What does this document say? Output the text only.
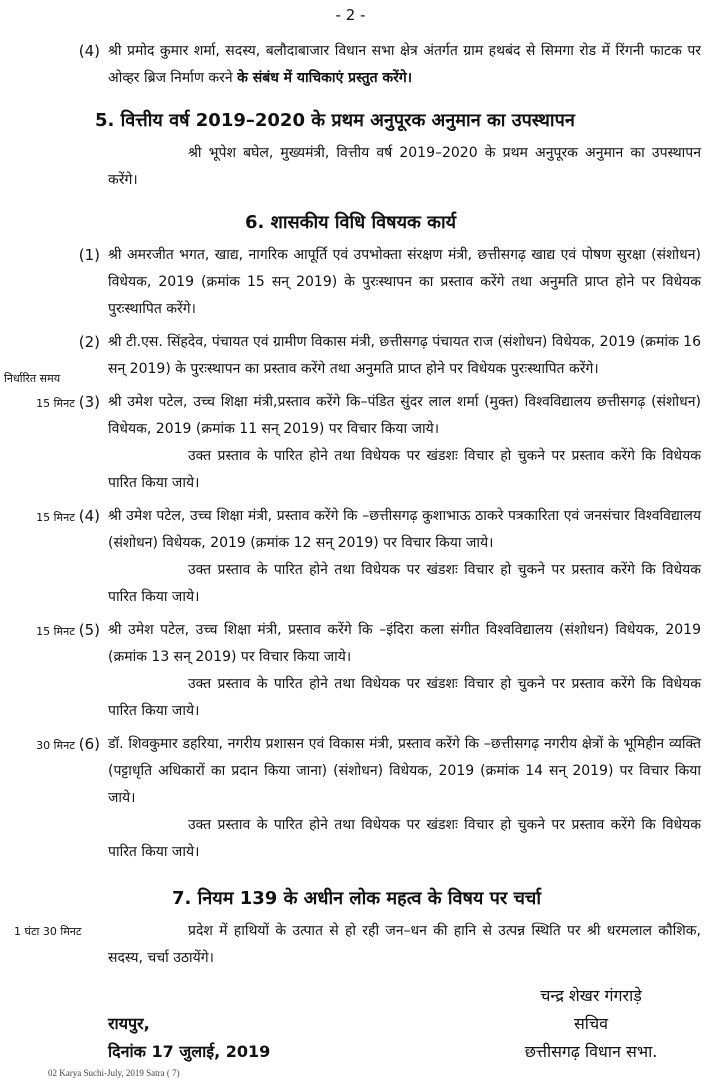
- 2 -
(4) श्री प्रमोद कुमार शर्मा, सदस्य, बलौदाबाजार विधान सभा क्षेत्र अंतर्गत ग्राम हथबंद से सिमगा रोड में रिंगनी फाटक पर ओव्हर ब्रिज निर्माण करने के संबंध में याचिकाएं प्रस्तुत करेंगे।
5. वित्तीय वर्ष 2019–2020 के प्रथम अनुपूरक अनुमान का उपस्थापन
श्री भूपेश बघेल, मुख्यमंत्री, वित्तीय वर्ष 2019–2020 के प्रथम अनुपूरक अनुमान का उपस्थापन करेंगे।
6. शासकीय विधि विषयक कार्य
(1) श्री अमरजीत भगत, खाद्य, नागरिक आपूर्ति एवं उपभोक्ता संरक्षण मंत्री, छत्तीसगढ़ खाद्य एवं पोषण सुरक्षा (संशोधन) विधेयक, 2019 (क्रमांक 15 सन् 2019) के पुरःस्थापन का प्रस्ताव करेंगे तथा अनुमति प्राप्त होने पर विधेयक पुरःस्थापित करेंगे।
(2) श्री टी.एस. सिंहदेव, पंचायत एवं ग्रामीण विकास मंत्री, छत्तीसगढ़ पंचायत राज (संशोधन) विधेयक, 2019 (क्रमांक 16 सन् 2019) के पुरःस्थापन का प्रस्ताव करेंगे तथा अनुमति प्राप्त होने पर विधेयक पुरःस्थापित करेंगे।
निर्धारित समय
15 मिनट (3) श्री उमेश पटेल, उच्च शिक्षा मंत्री,प्रस्ताव करेंगे कि–पंडित सुंदर लाल शर्मा (मुक्त) विश्वविद्यालय छत्तीसगढ़ (संशोधन) विधेयक, 2019 (क्रमांक 11 सन् 2019) पर विचार किया जाये।
उक्त प्रस्ताव के पारित होने तथा विधेयक पर खंडशः विचार हो चुकने पर प्रस्ताव करेंगे कि विधेयक पारित किया जाये।
15 मिनट (4) श्री उमेश पटेल, उच्च शिक्षा मंत्री, प्रस्ताव करेंगे कि –छत्तीसगढ़ कुशाभाऊ ठाकरे पत्रकारिता एवं जनसंचार विश्वविद्यालय (संशोधन) विधेयक, 2019 (क्रमांक 12 सन् 2019) पर विचार किया जाये।
उक्त प्रस्ताव के पारित होने तथा विधेयक पर खंडशः विचार हो चुकने पर प्रस्ताव करेंगे कि विधेयक पारित किया जाये।
15 मिनट (5) श्री उमेश पटेल, उच्च शिक्षा मंत्री, प्रस्ताव करेंगे कि –इंदिरा कला संगीत विश्वविद्यालय (संशोधन) विधेयक, 2019 (क्रमांक 13 सन् 2019) पर विचार किया जाये।
उक्त प्रस्ताव के पारित होने तथा विधेयक पर खंडशः विचार हो चुकने पर प्रस्ताव करेंगे कि विधेयक पारित किया जाये।
30 मिनट (6) डॉ. शिवकुमार डहरिया, नगरीय प्रशासन एवं विकास मंत्री, प्रस्ताव करेंगे कि –छत्तीसगढ़ नगरीय क्षेत्रों के भूमिहीन व्यक्ति (पट्टाधृति अधिकारों का प्रदान किया जाना) (संशोधन) विधेयक, 2019 (क्रमांक 14 सन् 2019) पर विचार किया जाये।
उक्त प्रस्ताव के पारित होने तथा विधेयक पर खंडशः विचार हो चुकने पर प्रस्ताव करेंगे कि विधेयक पारित किया जाये।
7. नियम 139 के अधीन लोक महत्व के विषय पर चर्चा
1 घंटा 30 मिनट	प्रदेश में हाथियों के उत्पात से हो रही जन–धन की हानि से उत्पन्न स्थिति पर श्री धरमलाल कौशिक, सदस्य, चर्चा उठायेंगे।
रायपुर,
दिनांक 17 जुलाई, 2019
चन्द्र शेखर गंगराड़े
सचिव
छत्तीसगढ़ विधान सभा.
02 Karya Suchi-July, 2019 Satra ( 7)
